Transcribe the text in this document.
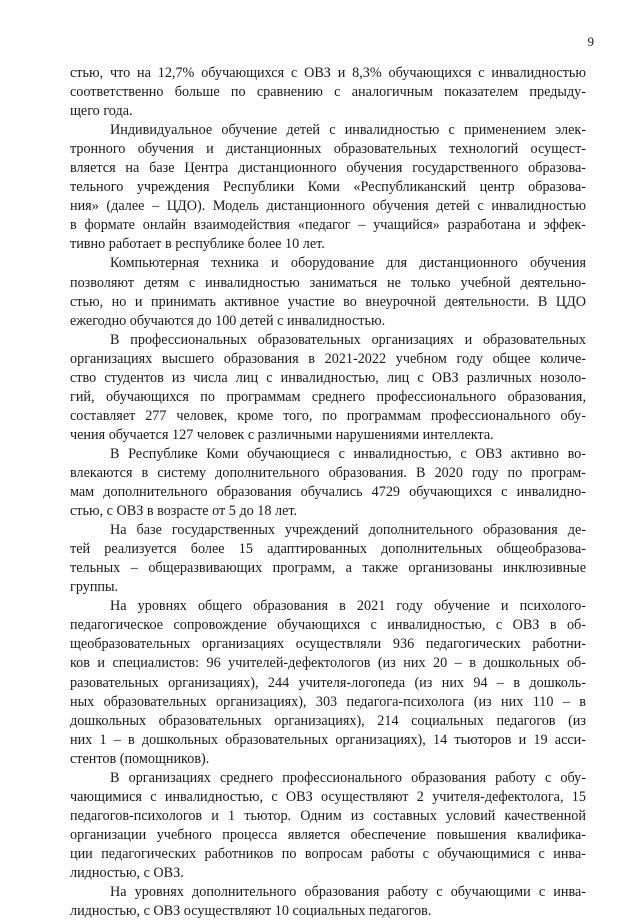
9
стью, что на 12,7% обучающихся с ОВЗ и 8,3% обучающихся с инвалидностью
соответственно больше по сравнению с аналогичным показателем предыду-
щего года.
Индивидуальное обучение детей с инвалидностью с применением элек-
тронного обучения и дистанционных образовательных технологий осущест-
вляется на базе Центра дистанционного обучения государственного образова-
тельного учреждения Республики Коми «Республиканский центр образова-
ния» (далее – ЦДО). Модель дистанционного обучения детей с инвалидностью
в формате онлайн взаимодействия «педагог – учащийся» разработана и эффек-
тивно работает в республике более 10 лет.
Компьютерная техника и оборудование для дистанционного обучения
позволяют детям с инвалидностью заниматься не только учебной деятельно-
стью, но и принимать активное участие во внеурочной деятельности. В ЦДО
ежегодно обучаются до 100 детей с инвалидностью.
В профессиональных образовательных организациях и образовательных
организациях высшего образования в 2021-2022 учебном году общее количе-
ство студентов из числа лиц с инвалидностью, лиц с ОВЗ различных нозоло-
гий, обучающихся по программам среднего профессионального образования,
составляет 277 человек, кроме того, по программам профессионального обу-
чения обучается 127 человек с различными нарушениями интеллекта.
В Республике Коми обучающиеся с инвалидностью, с ОВЗ активно во-
влекаются в систему дополнительного образования. В 2020 году по програм-
мам дополнительного образования обучались 4729 обучающихся с инвалидно-
стью, с ОВЗ в возрасте от 5 до 18 лет.
На базе государственных учреждений дополнительного образования де-
тей реализуется более 15 адаптированных дополнительных общеобразова-
тельных – общеразвивающих программ, а также организованы инклюзивные
группы.
На уровнях общего образования в 2021 году обучение и психолого-
педагогическое сопровождение обучающихся с инвалидностью, с ОВЗ в об-
щеобразовательных организациях осуществляли 936 педагогических работни-
ков и специалистов: 96 учителей-дефектологов (из них 20 – в дошкольных об-
разовательных организациях), 244 учителя-логопеда (из них 94 – в дошколь-
ных образовательных организациях), 303 педагога-психолога (из них 110 – в
дошкольных образовательных организациях), 214 социальных педагогов (из
них 1 – в дошкольных образовательных организациях), 14 тьюторов и 19 асси-
стентов (помощников).
В организациях среднего профессионального образования работу с обу-
чающимися с инвалидностью, с ОВЗ осуществляют 2 учителя-дефектолога, 15
педагогов-психологов и 1 тьютор. Одним из составных условий качественной
организации учебного процесса является обеспечение повышения квалифика-
ции педагогических работников по вопросам работы с обучающимися с инва-
лидностью, с ОВЗ.
На уровнях дополнительного образования работу с обучающими с инва-
лидностью, с ОВЗ осуществляют 10 социальных педагогов.
